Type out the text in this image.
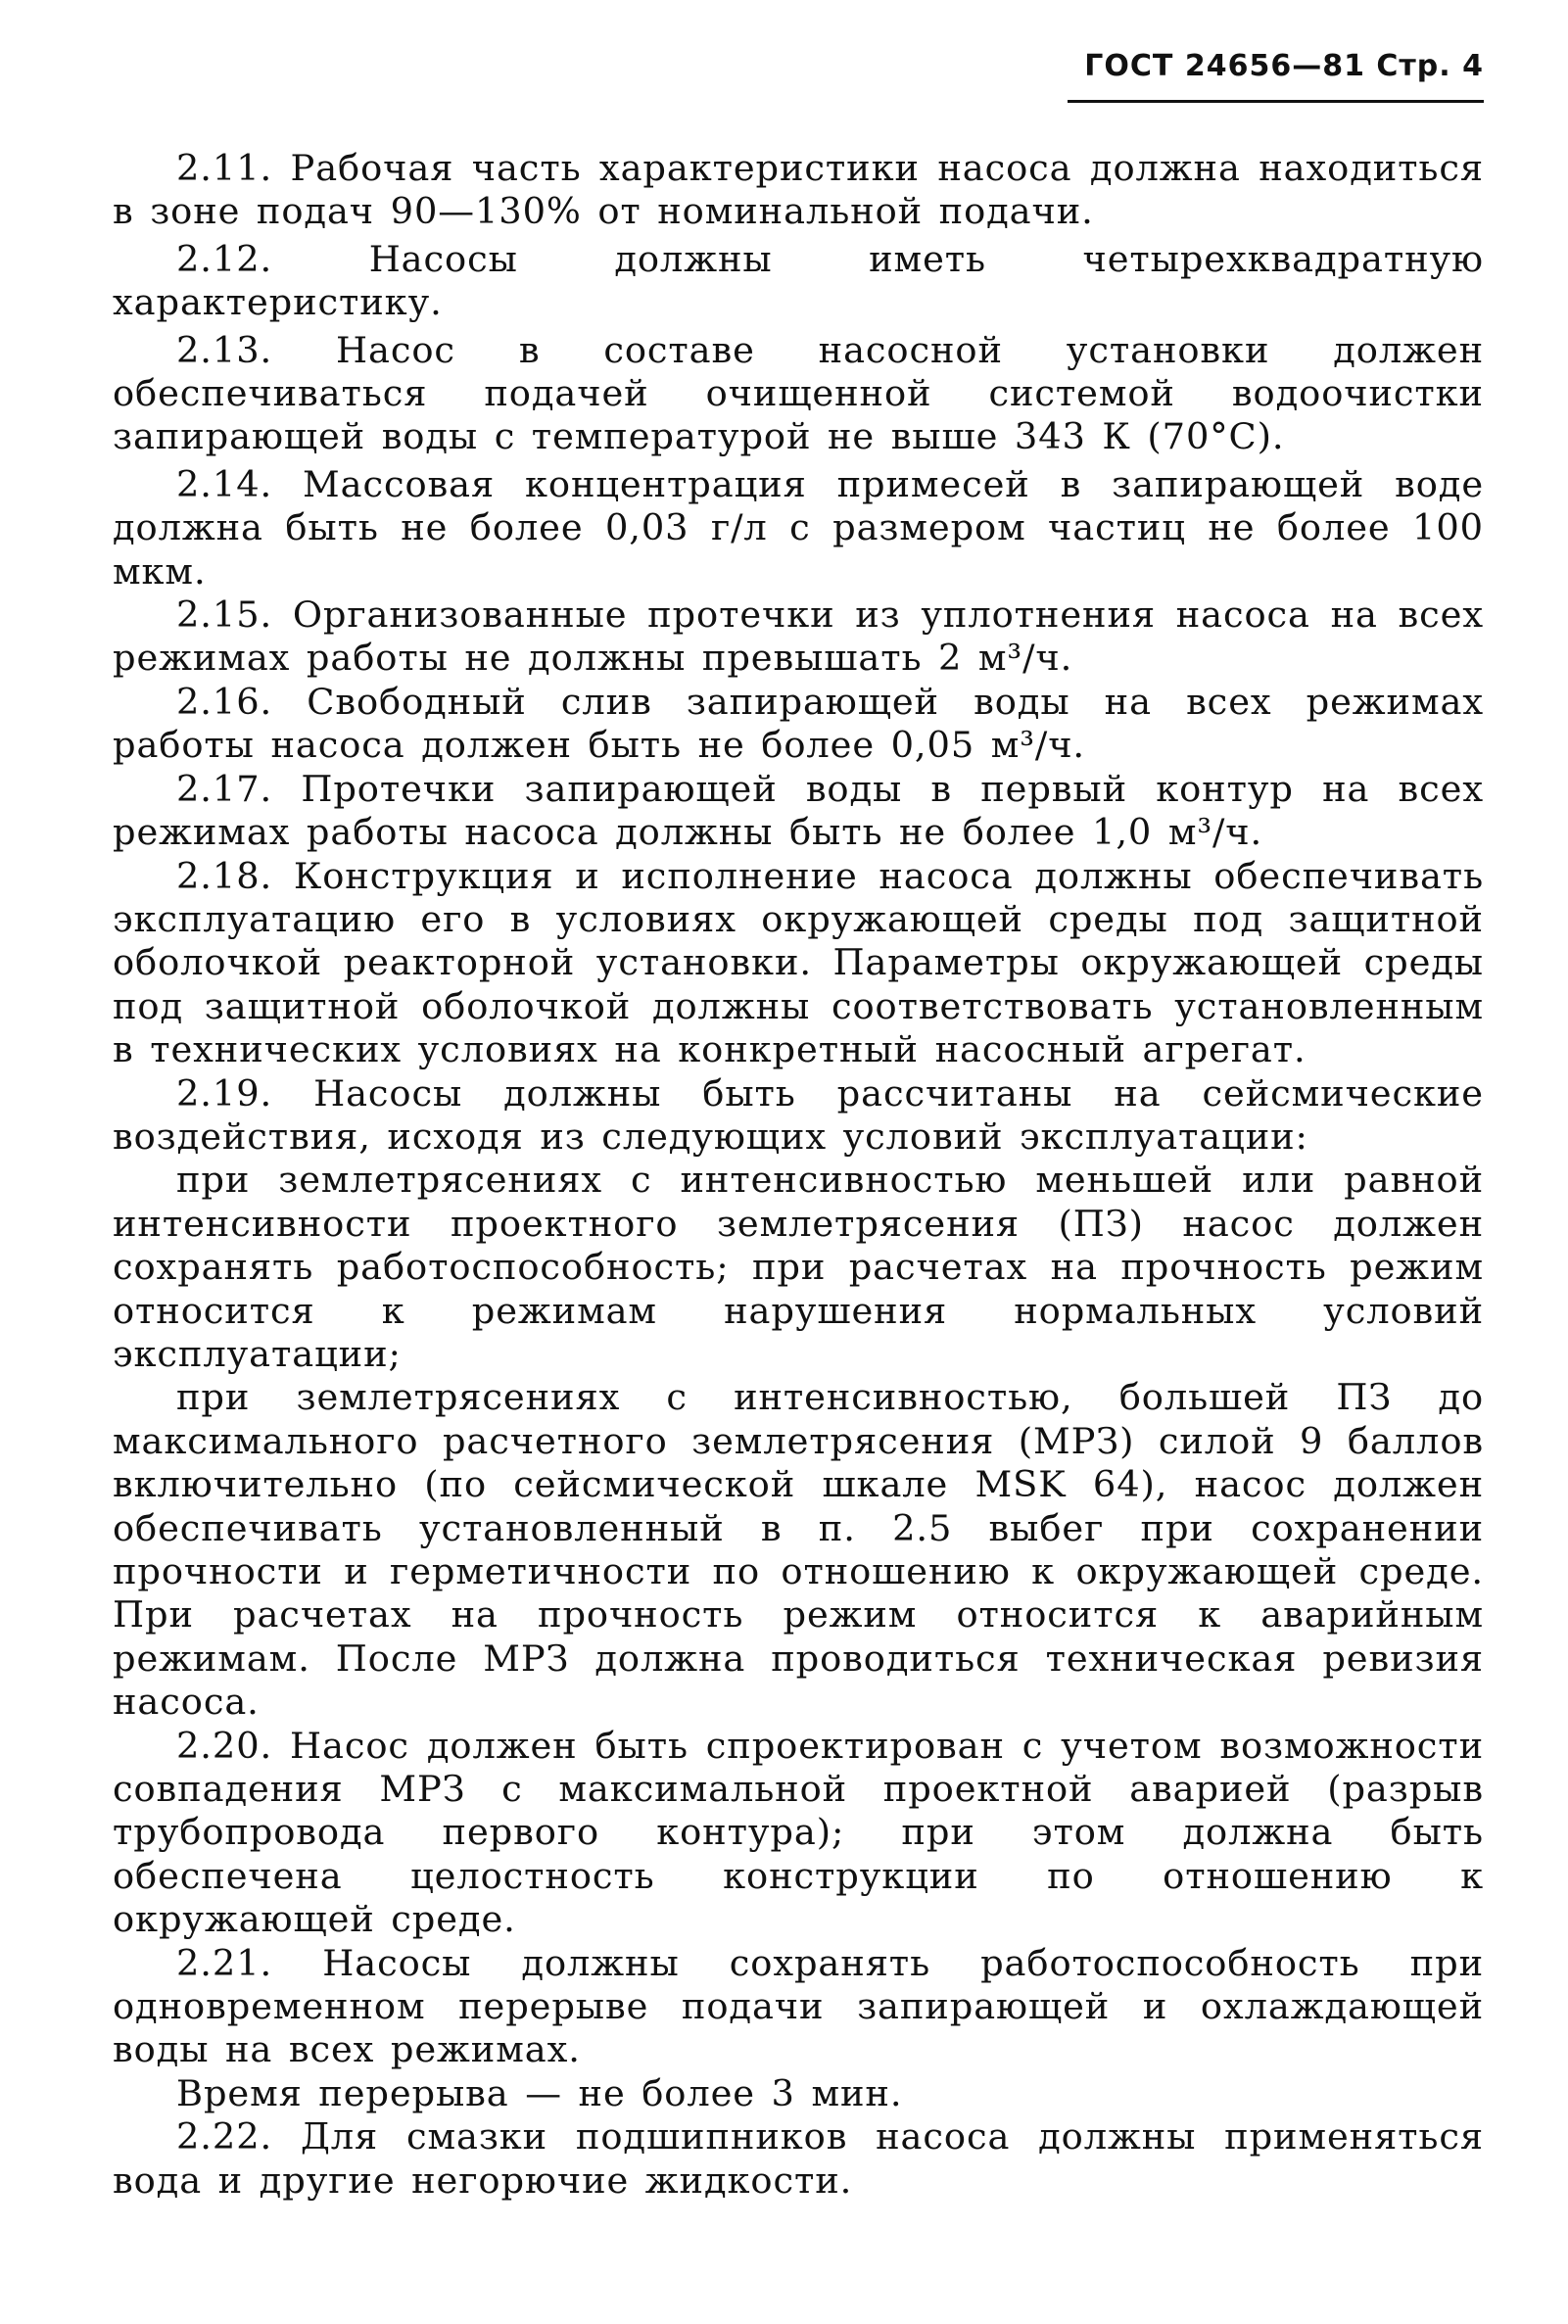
ГОСТ 24656—81 Стр. 4

2.11. Рабочая часть характеристики насоса должна находиться в зоне подач 90—130% от номинальной подачи.

2.12. Насосы должны иметь четырехквадратную характеристику.

2.13. Насос в составе насосной установки должен обеспечиваться подачей очищенной системой водоочистки запирающей воды с температурой не выше 343 К (70°С).

2.14. Массовая концентрация примесей в запирающей воде должна быть не более 0,03 г/л с размером частиц не более 100 мкм.

2.15. Организованные протечки из уплотнения насоса на всех режимах работы не должны превышать 2 м³/ч.

2.16. Свободный слив запирающей воды на всех режимах работы насоса должен быть не более 0,05 м³/ч.

2.17. Протечки запирающей воды в первый контур на всех режимах работы насоса должны быть не более 1,0 м³/ч.

2.18. Конструкция и исполнение насоса должны обеспечивать эксплуатацию его в условиях окружающей среды под защитной оболочкой реакторной установки. Параметры окружающей среды под защитной оболочкой должны соответствовать установленным в технических условиях на конкретный насосный агрегат.

2.19. Насосы должны быть рассчитаны на сейсмические воздействия, исходя из следующих условий эксплуатации:

при землетрясениях с интенсивностью меньшей или равной интенсивности проектного землетрясения (ПЗ) насос должен сохранять работоспособность; при расчетах на прочность режим относится к режимам нарушения нормальных условий эксплуатации;

при землетрясениях с интенсивностью, большей ПЗ до максимального расчетного землетрясения (МРЗ) силой 9 баллов включительно (по сейсмической шкале MSK 64), насос должен обеспечивать установленный в п. 2.5 выбег при сохранении прочности и герметичности по отношению к окружающей среде. При расчетах на прочность режим относится к аварийным режимам. После МРЗ должна проводиться техническая ревизия насоса.

2.20. Насос должен быть спроектирован с учетом возможности совпадения МРЗ с максимальной проектной аварией (разрыв трубопровода первого контура); при этом должна быть обеспечена целостность конструкции по отношению к окружающей среде.

2.21. Насосы должны сохранять работоспособность при одновременном перерыве подачи запирающей и охлаждающей воды на всех режимах.

Время перерыва — не более 3 мин.

2.22. Для смазки подшипников насоса должны применяться вода и другие негорючие жидкости.
